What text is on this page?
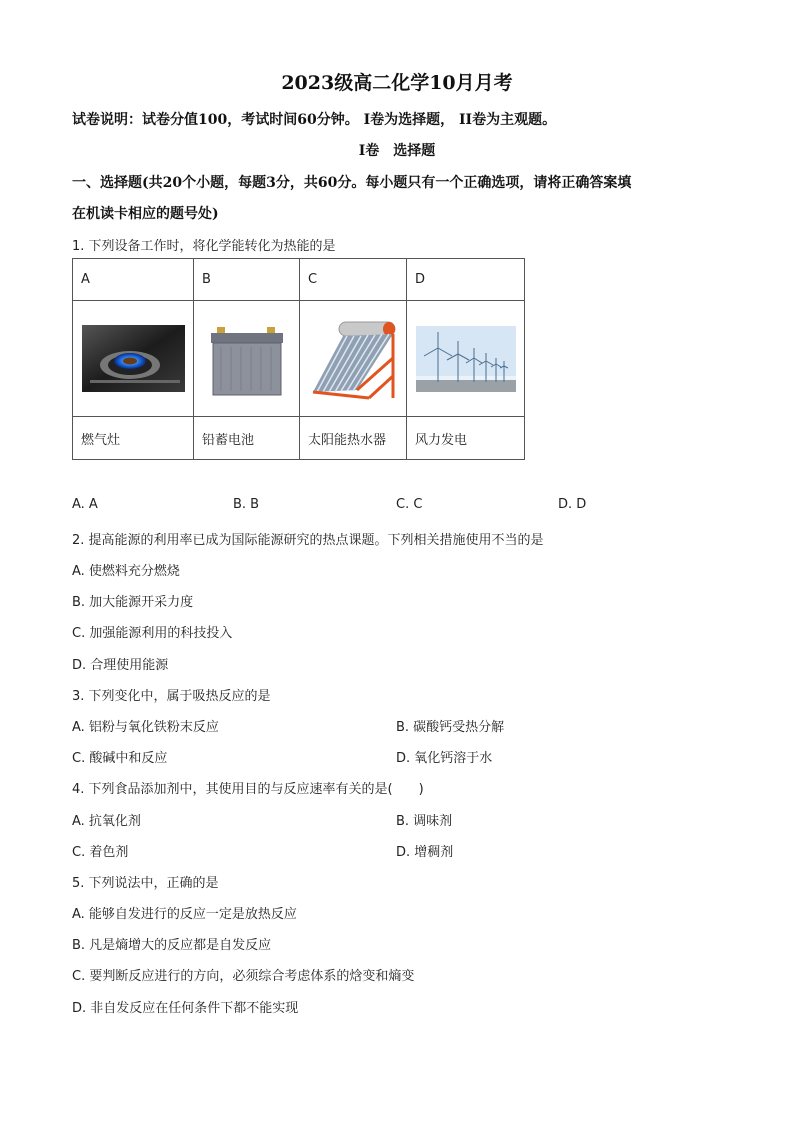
2023级高二化学10月月考
试卷说明：试卷分值100，考试时间60分钟。 I卷为选择题， II卷为主观题。
I卷　选择题
一、选择题(共20个小题，每题3分，共60分。每小题只有一个正确选项，请将正确答案填
在机读卡相应的题号处)
1. 下列设备工作时，将化学能转化为热能的是
A	B	C	D

燃气灶	铅蓄电池	太阳能热水器	风力发电
A. A	B. B	C. C	D. D
2. 提高能源的利用率已成为国际能源研究的热点课题。下列相关措施使用不当的是
A. 使燃料充分燃烧
B. 加大能源开采力度
C. 加强能源利用的科技投入
D. 合理使用能源
3. 下列变化中，属于吸热反应的是
A. 铝粉与氧化铁粉末反应	B. 碳酸钙受热分解
C. 酸碱中和反应	D. 氧化钙溶于水
4. 下列食品添加剂中，其使用目的与反应速率有关的是(　　)
A. 抗氧化剂	B. 调味剂
C. 着色剂	D. 增稠剂
5. 下列说法中，正确的是
A. 能够自发进行的反应一定是放热反应
B. 凡是熵增大的反应都是自发反应
C. 要判断反应进行的方向，必须综合考虑体系的焓变和熵变
D. 非自发反应在任何条件下都不能实现
